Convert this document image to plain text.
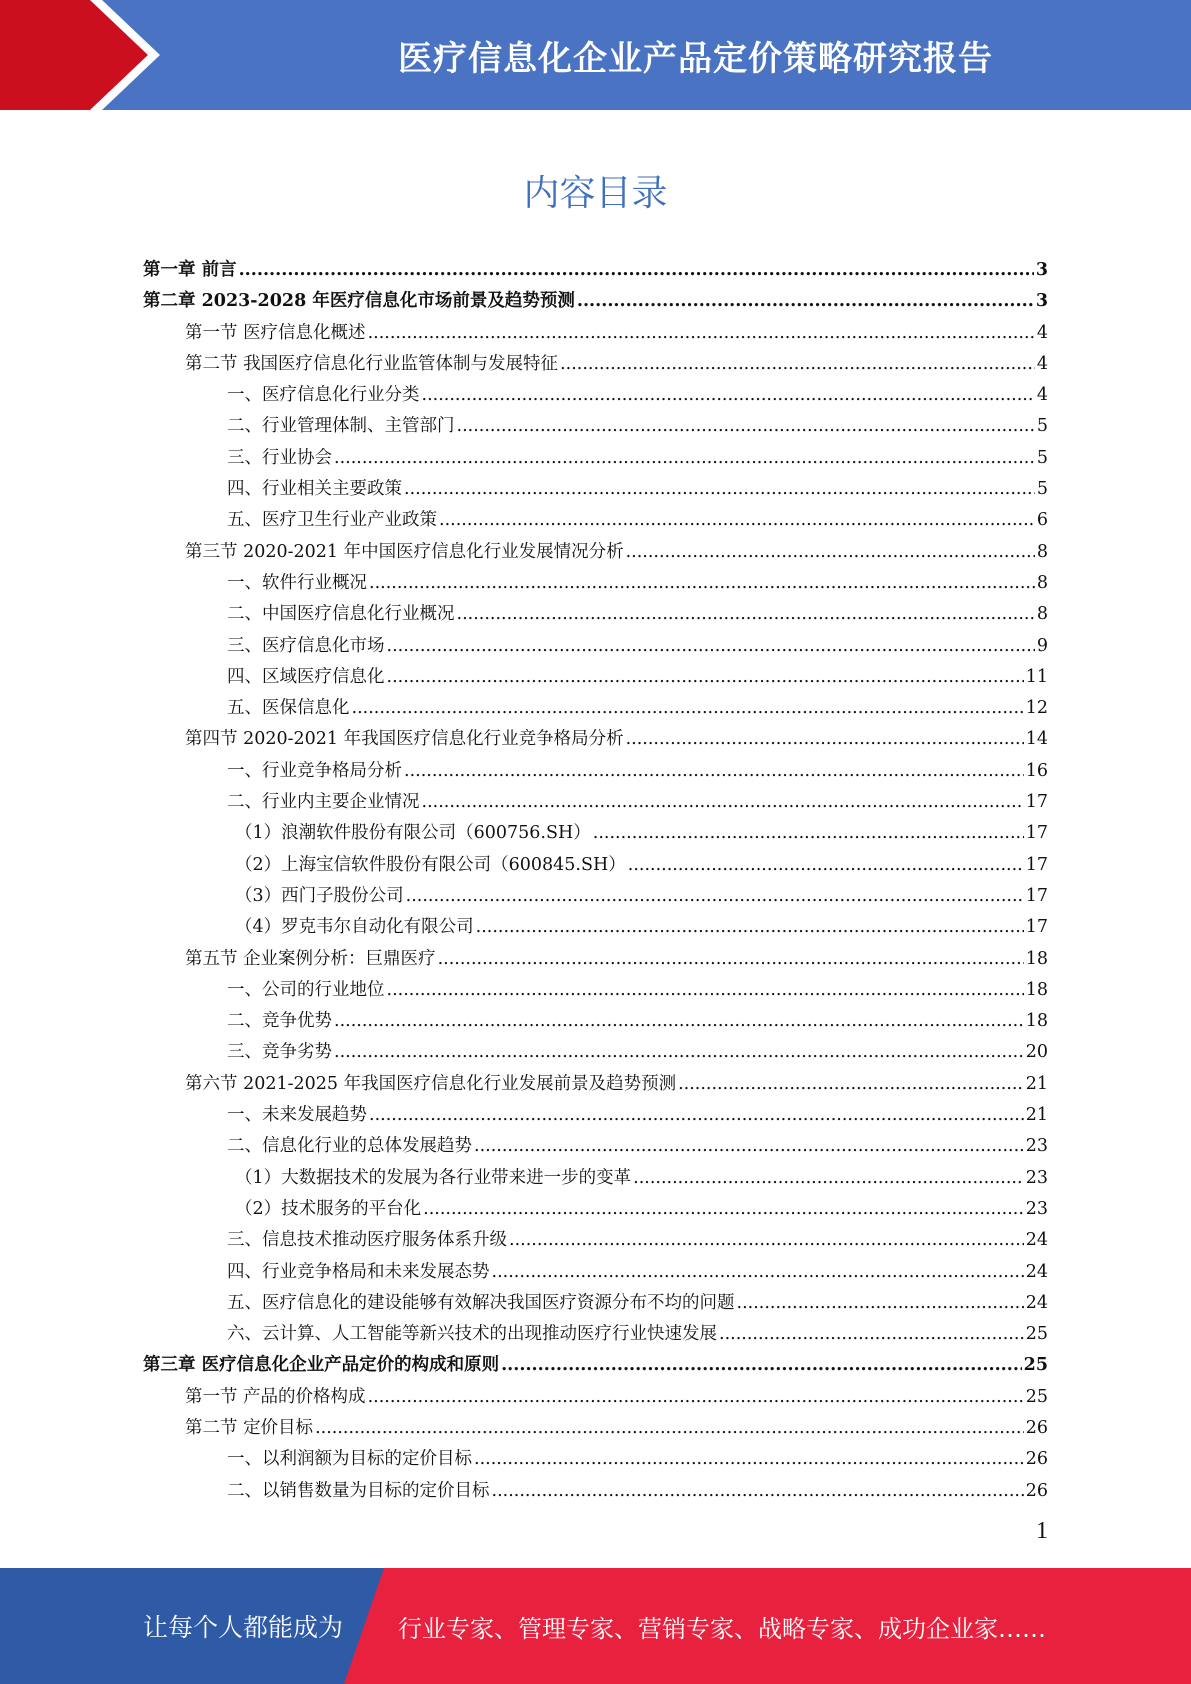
医疗信息化企业产品定价策略研究报告
内容目录
第一章 前言 .....	3
第二章 2023-2028 年医疗信息化市场前景及趋势预测 .....	3
第一节 医疗信息化概述 .....	4
第二节 我国医疗信息化行业监管体制与发展特征 .....	4
一、医疗信息化行业分类 .....	4
二、行业管理体制、主管部门 .....	5
三、行业协会 .....	5
四、行业相关主要政策 .....	5
五、医疗卫生行业产业政策 .....	6
第三节 2020-2021 年中国医疗信息化行业发展情况分析 .....	8
一、软件行业概况 .....	8
二、中国医疗信息化行业概况 .....	8
三、医疗信息化市场 .....	9
四、区域医疗信息化 .....	11
五、医保信息化 .....	12
第四节 2020-2021 年我国医疗信息化行业竞争格局分析 .....	14
一、行业竞争格局分析 .....	16
二、行业内主要企业情况 .....	17
（1）浪潮软件股份有限公司（600756.SH） .....	17
（2）上海宝信软件股份有限公司（600845.SH） .....	17
（3）西门子股份公司 .....	17
（4）罗克韦尔自动化有限公司 .....	17
第五节 企业案例分析：巨鼎医疗 .....	18
一、公司的行业地位 .....	18
二、竞争优势 .....	18
三、竞争劣势 .....	20
第六节 2021-2025 年我国医疗信息化行业发展前景及趋势预测 .....	21
一、未来发展趋势 .....	21
二、信息化行业的总体发展趋势 .....	23
（1）大数据技术的发展为各行业带来进一步的变革 .....	23
（2）技术服务的平台化 .....	23
三、信息技术推动医疗服务体系升级 .....	24
四、行业竞争格局和未来发展态势 .....	24
五、医疗信息化的建设能够有效解决我国医疗资源分布不均的问题 .....	24
六、云计算、人工智能等新兴技术的出现推动医疗行业快速发展 .....	25
第三章 医疗信息化企业产品定价的构成和原则 .....	25
第一节 产品的价格构成 .....	25
第二节 定价目标 .....	26
一、以利润额为目标的定价目标 .....	26
二、以销售数量为目标的定价目标 .....	26
1
让每个人都能成为 行业专家、管理专家、营销专家、战略专家、成功企业家……
